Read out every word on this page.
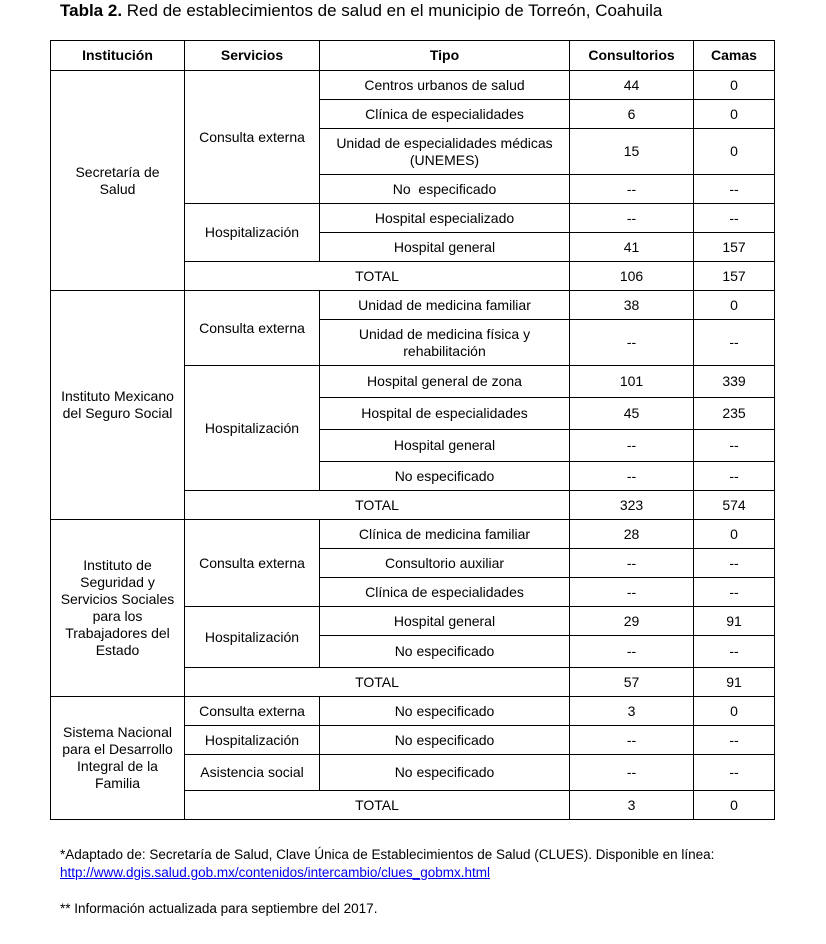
Tabla 2. Red de establecimientos de salud en el municipio de Torreón, Coahuila
Institución	Servicios	Tipo	Consultorios	Camas
Secretaría de Salud	Consulta externa	Centros urbanos de salud	44	0
		Clínica de especialidades	6	0
		Unidad de especialidades médicas (UNEMES)	15	0
		No  especificado	--	--
	Hospitalización	Hospital especializado	--	--
		Hospital general	41	157
	TOTAL		106	157
Instituto Mexicano del Seguro Social	Consulta externa	Unidad de medicina familiar	38	0
		Unidad de medicina física y rehabilitación	--	--
	Hospitalización	Hospital general de zona	101	339
		Hospital de especialidades	45	235
		Hospital general	--	--
		No especificado	--	--
	TOTAL		323	574
Instituto de Seguridad y Servicios Sociales para los Trabajadores del Estado	Consulta externa	Clínica de medicina familiar	28	0
		Consultorio auxiliar	--	--
		Clínica de especialidades	--	--
	Hospitalización	Hospital general	29	91
		No especificado	--	--
	TOTAL		57	91
Sistema Nacional para el Desarrollo Integral de la Familia	Consulta externa	No especificado	3	0
	Hospitalización	No especificado	--	--
	Asistencia social	No especificado	--	--
	TOTAL		3	0
*Adaptado de: Secretaría de Salud, Clave Única de Establecimientos de Salud (CLUES). Disponible en línea:
http://www.dgis.salud.gob.mx/contenidos/intercambio/clues_gobmx.html
** Información actualizada para septiembre del 2017.
